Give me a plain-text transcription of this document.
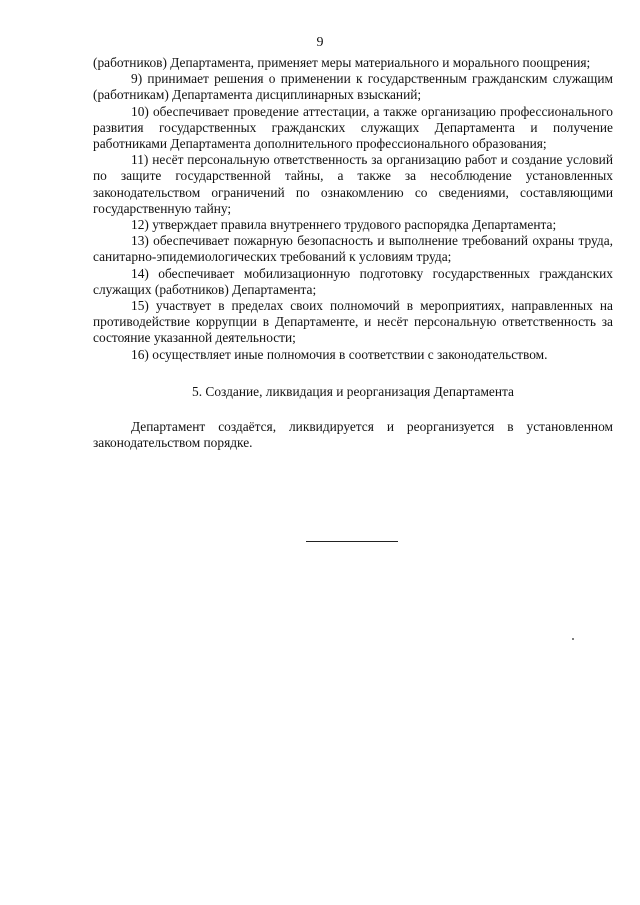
9

(работников) Департамента, применяет меры материального и морального поощрения;

9) принимает решения о применении к государственным гражданским служащим (работникам) Департамента дисциплинарных взысканий;

10) обеспечивает проведение аттестации, а также организацию профессионального развития государственных гражданских служащих Департамента и получение работниками Департамента дополнительного профессионального образования;

11) несёт персональную ответственность за организацию работ и создание условий по защите государственной тайны, а также за несоблюдение установленных законодательством ограничений по ознакомлению со сведениями, составляющими государственную тайну;

12) утверждает правила внутреннего трудового распорядка Департамента;

13) обеспечивает пожарную безопасность и выполнение требований охраны труда, санитарно-эпидемиологических требований к условиям труда;

14) обеспечивает мобилизационную подготовку государственных гражданских служащих (работников) Департамента;

15) участвует в пределах своих полномочий в мероприятиях, направленных на противодействие коррупции в Департаменте, и несёт персональную ответственность за состояние указанной деятельности;

16) осуществляет иные полномочия в соответствии с законодательством.

5. Создание, ликвидация и реорганизация Департамента

Департамент создаётся, ликвидируется и реорганизуется в установленном законодательством порядке.
